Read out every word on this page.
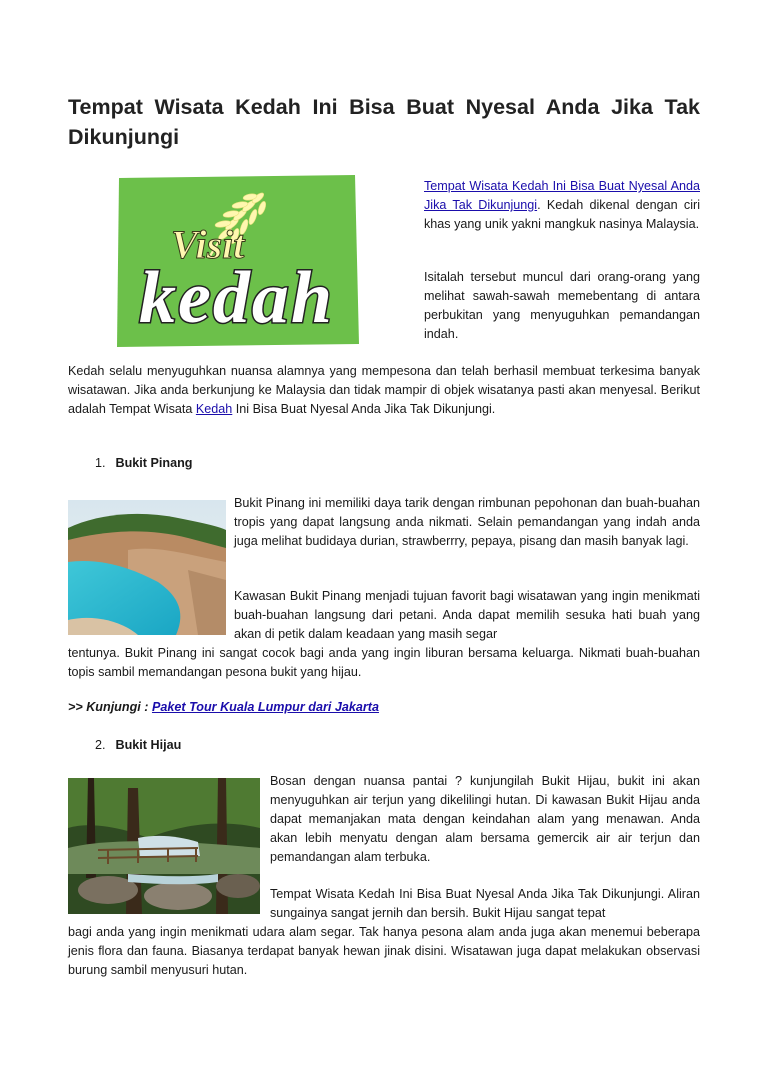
Tempat Wisata Kedah Ini Bisa Buat Nyesal Anda Jika Tak Dikunjungi
Visit
kedah

Tempat Wisata Kedah Ini Bisa Buat Nyesal Anda Jika Tak Dikunjungi. Kedah dikenal dengan ciri khas yang unik yakni mangkuk nasinya Malaysia.

Isitalah tersebut muncul dari orang-orang yang melihat sawah-sawah memebentang di antara perbukitan yang menyuguhkan pemandangan indah.

Kedah selalu menyuguhkan nuansa alamnya yang mempesona dan telah berhasil membuat terkesima banyak wisatawan. Jika anda berkunjung ke Malaysia dan tidak mampir di objek wisatanya pasti akan menyesal. Berikut adalah Tempat Wisata Kedah Ini Bisa Buat Nyesal Anda Jika Tak Dikunjungi.

1. Bukit Pinang

Bukit Pinang ini memiliki daya tarik dengan rimbunan pepohonan dan buah-buahan tropis yang dapat langsung anda nikmati. Selain pemandangan yang indah anda juga melihat budidaya durian, strawberrry, pepaya, pisang dan masih banyak lagi.

Kawasan Bukit Pinang menjadi tujuan favorit bagi wisatawan yang ingin menikmati buah-buahan langsung dari petani. Anda dapat memilih sesuka hati buah yang akan di petik dalam keadaan yang masih segar

tentunya. Bukit Pinang ini sangat cocok bagi anda yang ingin liburan bersama keluarga. Nikmati buah-buahan topis sambil memandangan pesona bukit yang hijau.

>> Kunjungi : Paket Tour Kuala Lumpur dari Jakarta
2. Bukit Hijau

Bosan dengan nuansa pantai ? kunjungilah Bukit Hijau, bukit ini akan menyuguhkan air terjun yang dikelilingi hutan. Di kawasan Bukit Hijau anda dapat memanjakan mata dengan keindahan alam yang menawan. Anda akan lebih menyatu dengan alam bersama gemercik air air terjun dan pemandangan alam terbuka.

Tempat Wisata Kedah Ini Bisa Buat Nyesal Anda Jika Tak Dikunjungi. Aliran sungainya sangat jernih dan bersih. Bukit Hijau sangat tepat

bagi anda yang ingin menikmati udara alam segar. Tak hanya pesona alam anda juga akan menemui beberapa jenis flora dan fauna. Biasanya terdapat banyak hewan jinak disini. Wisatawan juga dapat melakukan observasi burung sambil menyusuri hutan.
